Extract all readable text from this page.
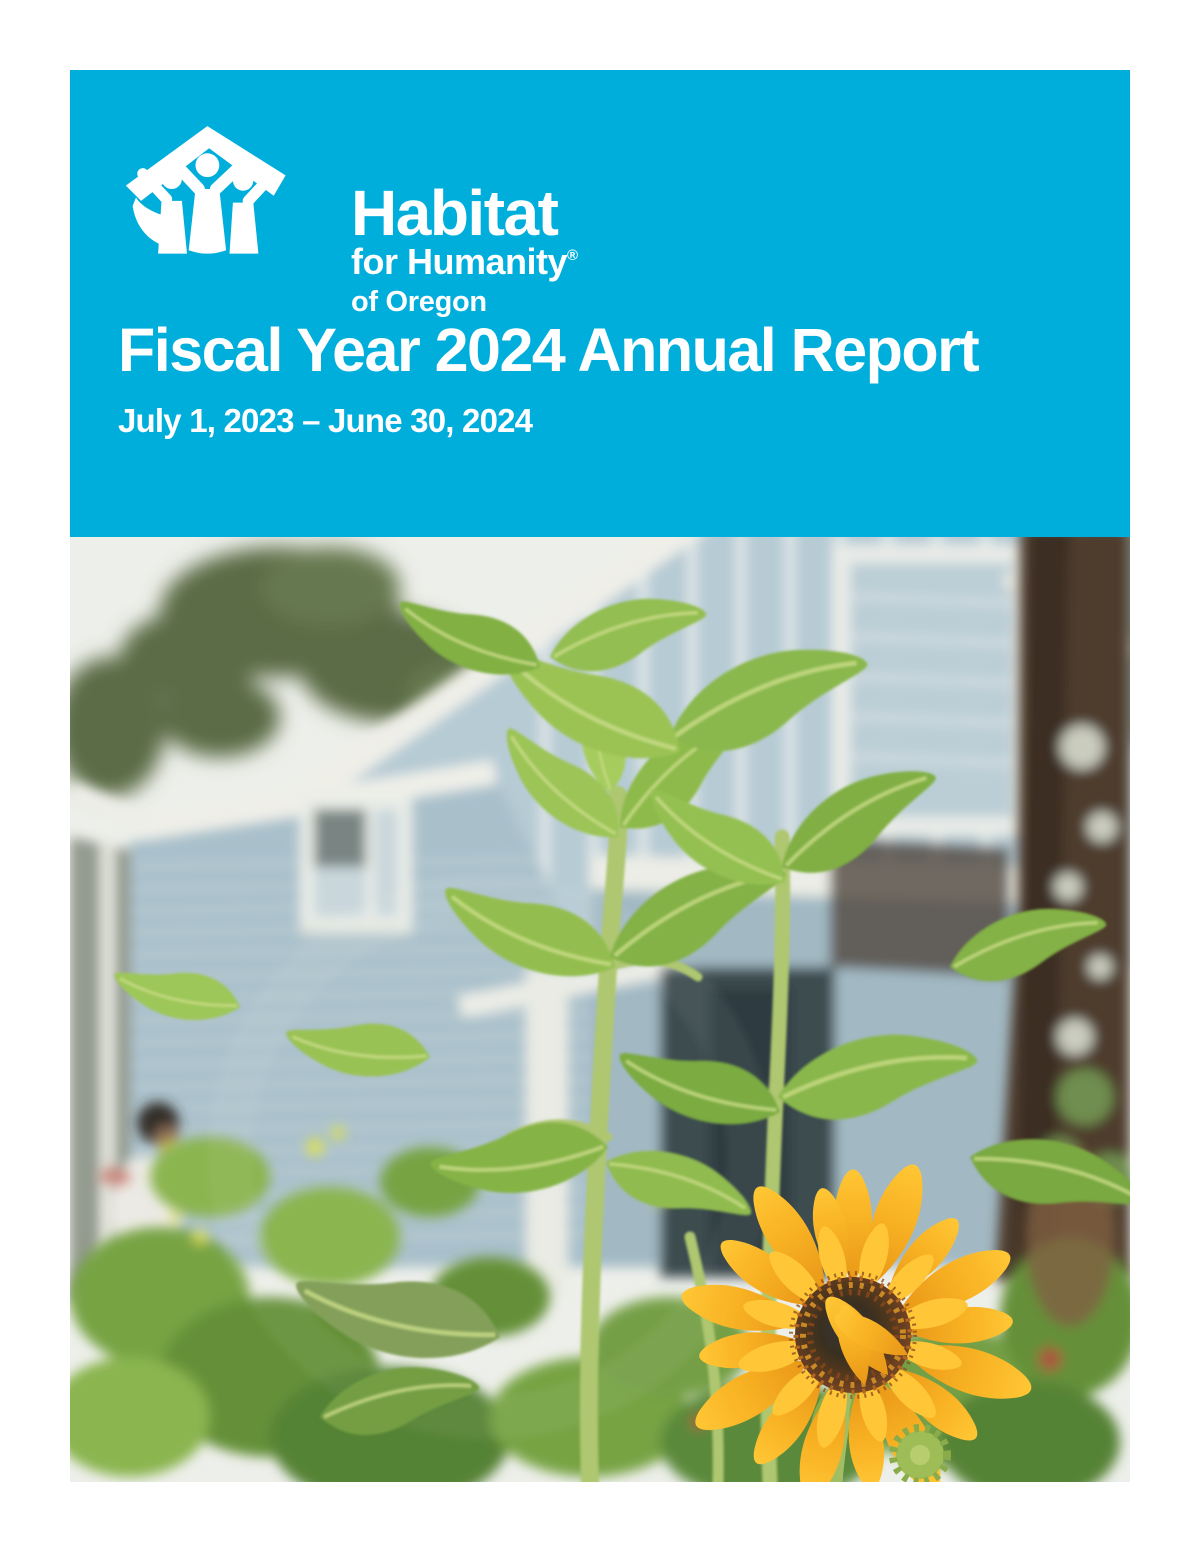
Habitat
for Humanity®
of Oregon
Fiscal Year 2024 Annual Report
July 1, 2023 – June 30, 2024
